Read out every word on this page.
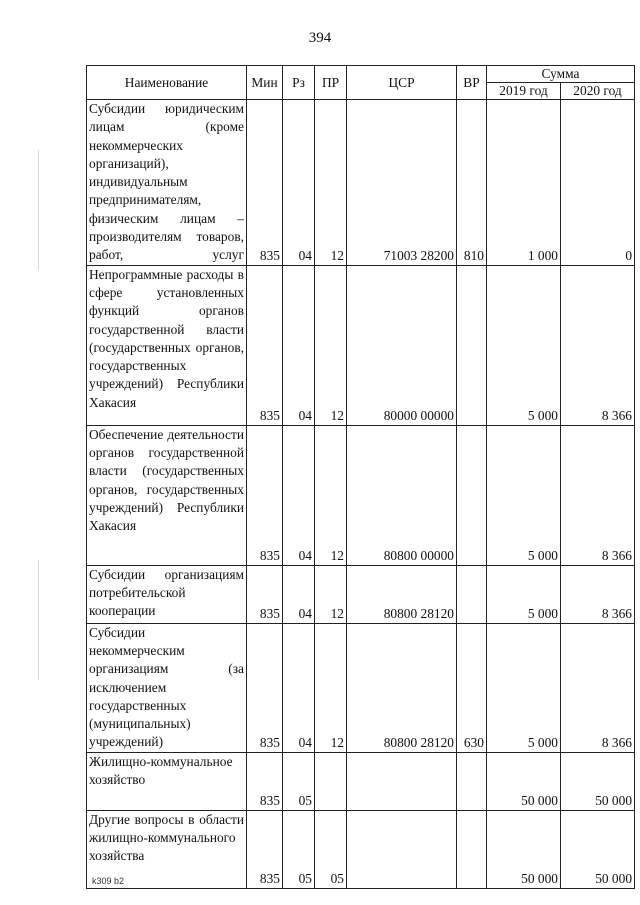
394
Наименование	Мин	Рз	ПР	ЦСР	ВР	Сумма	
						2019 год	2020 год
Субсидии юридическим лицам (кроме некоммерческих организаций), индивидуальным предпринимателям, физическим лицам – производителям товаров, работ, услуг	835	04	12	71003 28200	810	1 000	0
Непрограммные расходы в сфере установленных функций органов государственной власти (государственных органов, государственных учреждений) Республики Хакасия	835	04	12	80000 00000		5 000	8 366
Обеспечение деятельности органов государственной власти (государственных органов, государственных учреждений) Республики Хакасия	835	04	12	80800 00000		5 000	8 366
Субсидии организациям потребительской кооперации	835	04	12	80800 28120		5 000	8 366
Субсидии некоммерческим организациям (за исключением государственных (муниципальных) учреждений)	835	04	12	80800 28120	630	5 000	8 366
Жилищно-коммунальное хозяйство	835	05				50 000	50 000
Другие вопросы в области жилищно-коммунального хозяйства	835	05	05			50 000	50 000
k309 b2
